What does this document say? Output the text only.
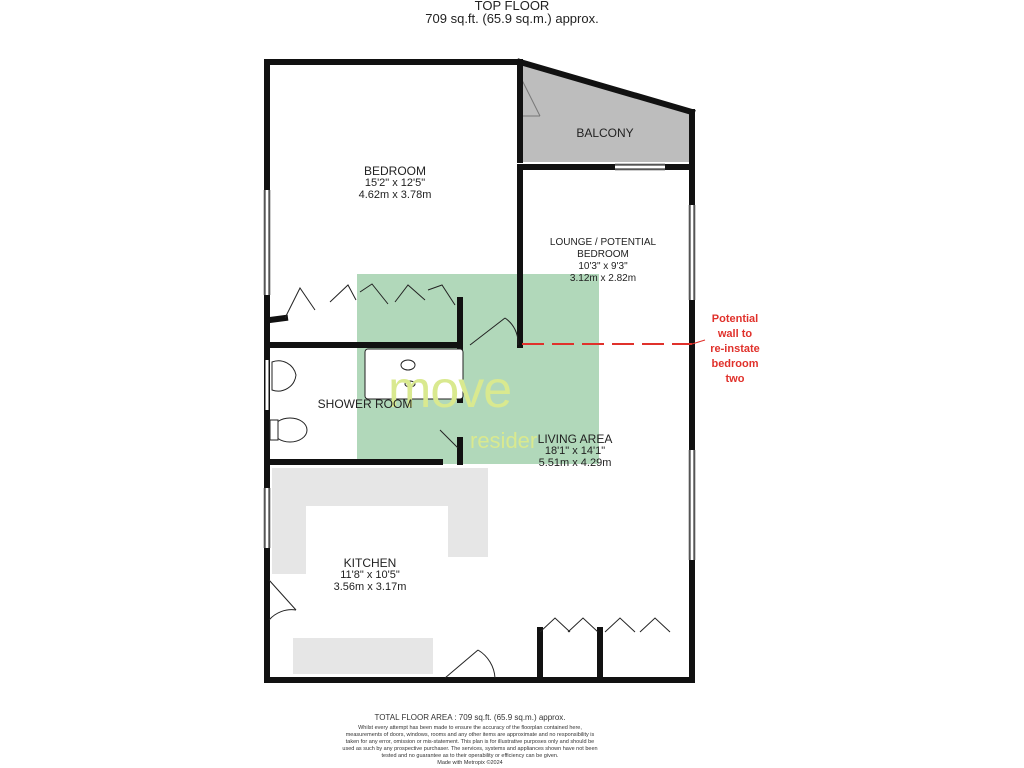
TOP FLOOR
709 sq.ft. (65.9 sq.m.) approx.
move
resider
BEDROOM
15'2" x 12'5"
4.62m x 3.78m
BALCONY
LOUNGE / POTENTIAL
BEDROOM
10'3" x 9'3"
3.12m x 2.82m
SHOWER ROOM
LIVING AREA
18'1" x 14'1"
5.51m x 4.29m
KITCHEN
11'8" x 10'5"
3.56m x 3.17m
Potential
wall to
re-instate
bedroom
two
TOTAL FLOOR AREA : 709 sq.ft. (65.9 sq.m.) approx.
Whilst every attempt has been made to ensure the accuracy of the floorplan contained here, measurements of doors, windows, rooms and any other items are approximate and no responsibility is taken for any error, omission or mis-statement. This plan is for illustrative purposes only and should be used as such by any prospective purchaser. The services, systems and appliances shown have not been tested and no guarantee as to their operability or efficiency can be given.
Made with Metropix ©2024
